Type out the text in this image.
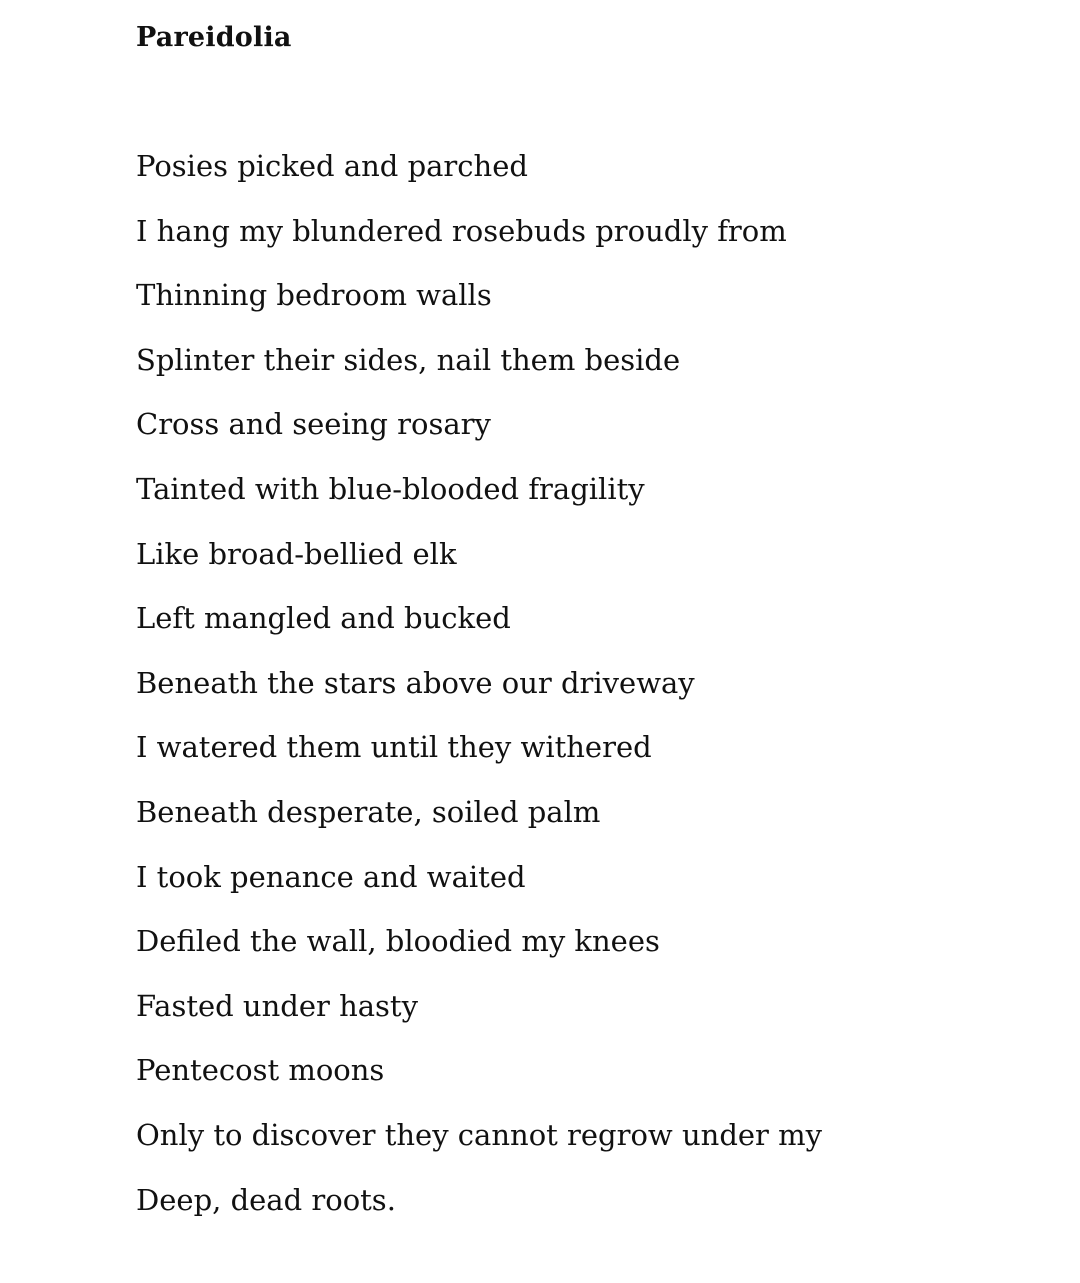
Pareidolia
Posies picked and parched
I hang my blundered rosebuds proudly from
Thinning bedroom walls
Splinter their sides, nail them beside
Cross and seeing rosary
Tainted with blue-blooded fragility
Like broad-bellied elk
Left mangled and bucked
Beneath the stars above our driveway
I watered them until they withered
Beneath desperate, soiled palm
I took penance and waited
Defiled the wall, bloodied my knees
Fasted under hasty
Pentecost moons
Only to discover they cannot regrow under my
Deep, dead roots.
